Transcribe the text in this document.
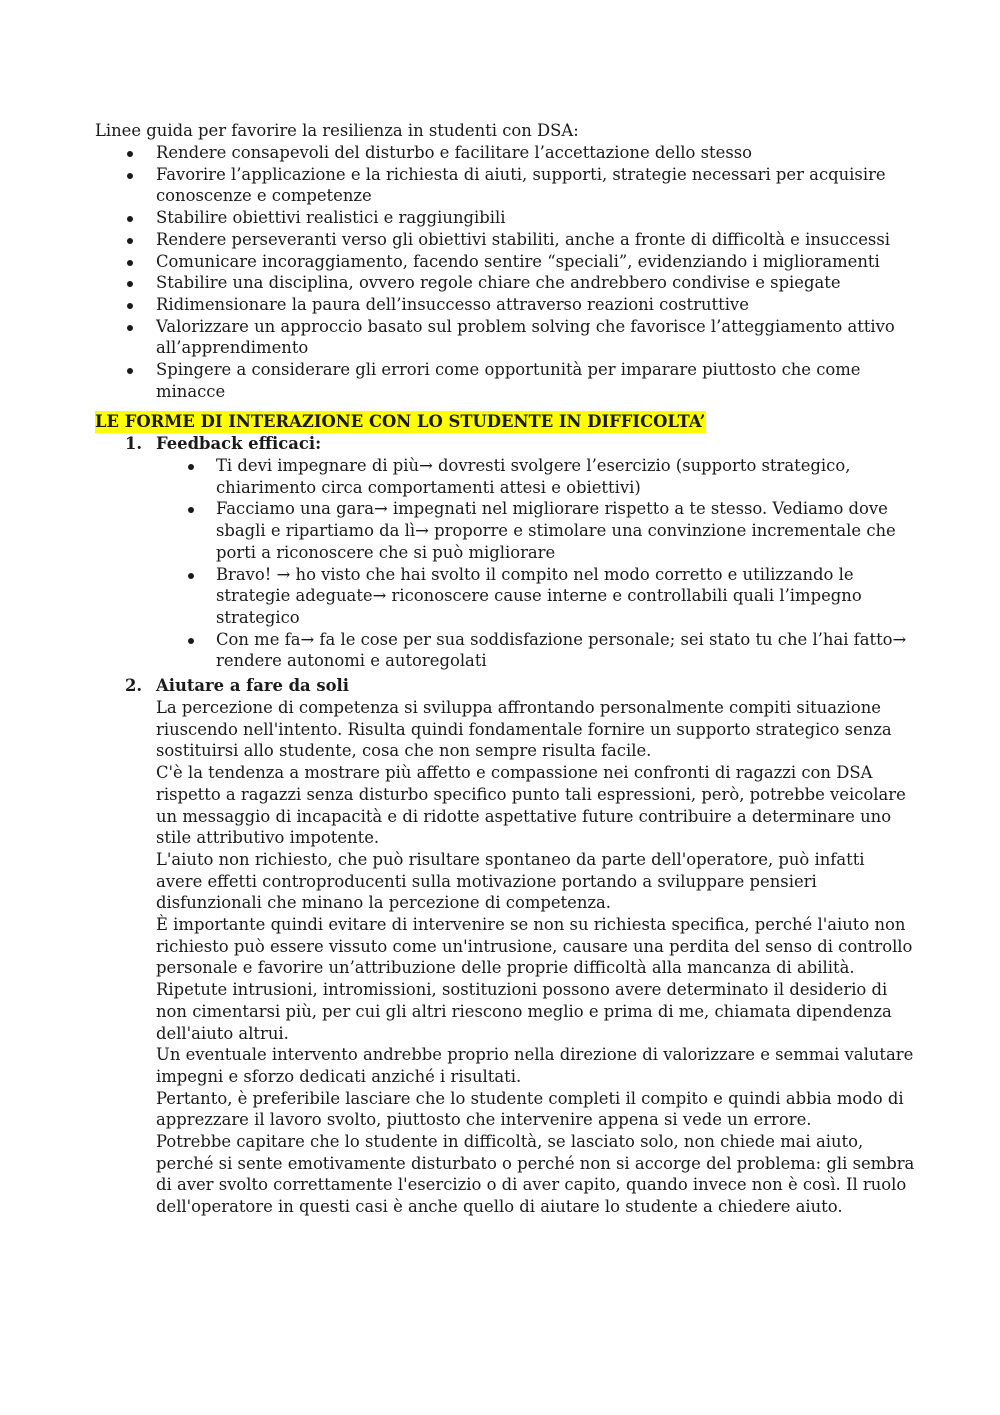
Linee guida per favorire la resilienza in studenti con DSA:

Rendere consapevoli del disturbo e facilitare l’accettazione dello stesso
Favorire l’applicazione e la richiesta di aiuti, supporti, strategie necessari per acquisire conoscenze e competenze
Stabilire obiettivi realistici e raggiungibili
Rendere perseveranti verso gli obiettivi stabiliti, anche a fronte di difficoltà e insuccessi
Comunicare incoraggiamento, facendo sentire “speciali”, evidenziando i miglioramenti
Stabilire una disciplina, ovvero regole chiare che andrebbero condivise e spiegate
Ridimensionare la paura dell’insuccesso attraverso reazioni costruttive
Valorizzare un approccio basato sul problem solving che favorisce l’atteggiamento attivo all’apprendimento
Spingere a considerare gli errori come opportunità per imparare piuttosto che come minacce

LE FORME DI INTERAZIONE CON LO STUDENTE IN DIFFICOLTA’

1. Feedback efficaci:

Ti devi impegnare di più→ dovresti svolgere l’esercizio (supporto strategico, chiarimento circa comportamenti attesi e obiettivi)
Facciamo una gara→ impegnati nel migliorare rispetto a te stesso. Vediamo dove sbagli e ripartiamo da lì→ proporre e stimolare una convinzione incrementale che porti a riconoscere che si può migliorare
Bravo! → ho visto che hai svolto il compito nel modo corretto e utilizzando le strategie adeguate→ riconoscere cause interne e controllabili quali l’impegno strategico
Con me fa→ fa le cose per sua soddisfazione personale; sei stato tu che l’hai fatto→ rendere autonomi e autoregolati

2. Aiutare a fare da soli

La percezione di competenza si sviluppa affrontando personalmente compiti situazione riuscendo nell'intento. Risulta quindi fondamentale fornire un supporto strategico senza sostituirsi allo studente, cosa che non sempre risulta facile.

C'è la tendenza a mostrare più affetto e compassione nei confronti di ragazzi con DSA rispetto a ragazzi senza disturbo specifico punto tali espressioni, però, potrebbe veicolare un messaggio di incapacità e di ridotte aspettative future contribuire a determinare uno stile attributivo impotente.

L'aiuto non richiesto, che può risultare spontaneo da parte dell'operatore, può infatti avere effetti controproducenti sulla motivazione portando a sviluppare pensieri disfunzionali che minano la percezione di competenza.

È importante quindi evitare di intervenire se non su richiesta specifica, perché l'aiuto non richiesto può essere vissuto come un'intrusione, causare una perdita del senso di controllo personale e favorire un’attribuzione delle proprie difficoltà alla mancanza di abilità.

Ripetute intrusioni, intromissioni, sostituzioni possono avere determinato il desiderio di non cimentarsi più, per cui gli altri riescono meglio e prima di me, chiamata dipendenza dell'aiuto altrui.

Un eventuale intervento andrebbe proprio nella direzione di valorizzare e semmai valutare impegni e sforzo dedicati anziché i risultati.

Pertanto, è preferibile lasciare che lo studente completi il compito e quindi abbia modo di apprezzare il lavoro svolto, piuttosto che intervenire appena si vede un errore.

Potrebbe capitare che lo studente in difficoltà, se lasciato solo, non chiede mai aiuto, perché si sente emotivamente disturbato o perché non si accorge del problema: gli sembra di aver svolto correttamente l'esercizio o di aver capito, quando invece non è così. Il ruolo dell'operatore in questi casi è anche quello di aiutare lo studente a chiedere aiuto.
